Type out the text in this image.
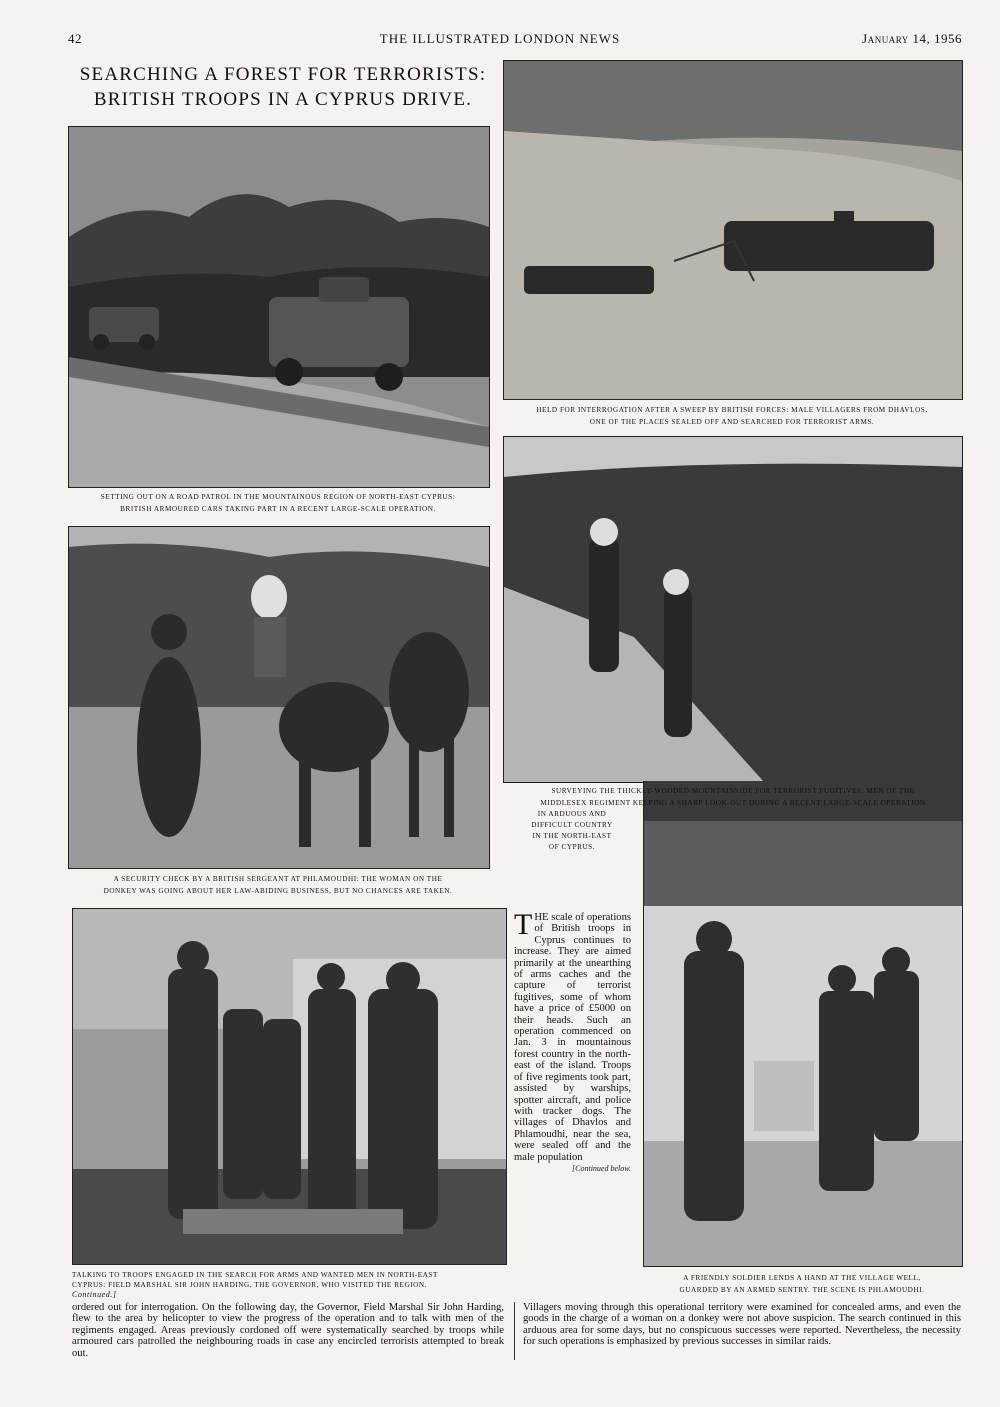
42	THE ILLUSTRATED LONDON NEWS	January 14, 1956
SEARCHING A FOREST FOR TERRORISTS:
BRITISH TROOPS IN A CYPRUS DRIVE.
SETTING OUT ON A ROAD PATROL IN THE MOUNTAINOUS REGION OF NORTH-EAST CYPRUS:
BRITISH ARMOURED CARS TAKING PART IN A RECENT LARGE-SCALE OPERATION.
HELD FOR INTERROGATION AFTER A SWEEP BY BRITISH FORCES: MALE VILLAGERS FROM DHAVLOS,
ONE OF THE PLACES SEALED OFF AND SEARCHED FOR TERRORIST ARMS.
A SECURITY CHECK BY A BRITISH SERGEANT AT PHLAMOUDHI: THE WOMAN ON THE
DONKEY WAS GOING ABOUT HER LAW-ABIDING BUSINESS, BUT NO CHANCES ARE TAKEN.
SURVEYING THE THICKLY-WOODED MOUNTAINSIDE FOR TERRORIST FUGITIVES: MEN OF THE
MIDDLESEX REGIMENT KEEPING A SHARP LOOK-OUT DURING A RECENT LARGE-SCALE OPERATION
IN ARDUOUS AND
DIFFICULT COUNTRY
IN THE NORTH-EAST
OF CYPRUS.
THE scale of operations of British troops in Cyprus continues to increase. They are aimed primarily at the unearthing of arms caches and the capture of terrorist fugitives, some of whom have a price of £5000 on their heads. Such an operation commenced on Jan. 3 in mountainous forest country in the north-east of the island. Troops of five regiments took part, assisted by warships, spotter aircraft, and police with tracker dogs. The villages of Dhavlos and Phlamoudhi, near the sea, were sealed off and the male population
[Continued below.
TALKING TO TROOPS ENGAGED IN THE SEARCH FOR ARMS AND WANTED MEN IN NORTH-EAST
CYPRUS: FIELD MARSHAL SIR JOHN HARDING, THE GOVERNOR, WHO VISITED THE REGION.
Continued.]
A FRIENDLY SOLDIER LENDS A HAND AT THE VILLAGE WELL,
GUARDED BY AN ARMED SENTRY. THE SCENE IS PHLAMOUDHI.
ordered out for interrogation. On the following day, the Governor, Field Marshal Sir John Harding, flew to the area by helicopter to view the progress of the operation and to talk with men of the regiments engaged. Areas previously cordoned off were systematically searched by troops while armoured cars patrolled the neighbouring roads in case any encircled terrorists attempted to break out.
Villagers moving through this operational territory were examined for concealed arms, and even the goods in the charge of a woman on a donkey were not above suspicion. The search continued in this arduous area for some days, but no conspicuous successes were reported. Nevertheless, the necessity for such operations is emphasized by previous successes in similar raids.
